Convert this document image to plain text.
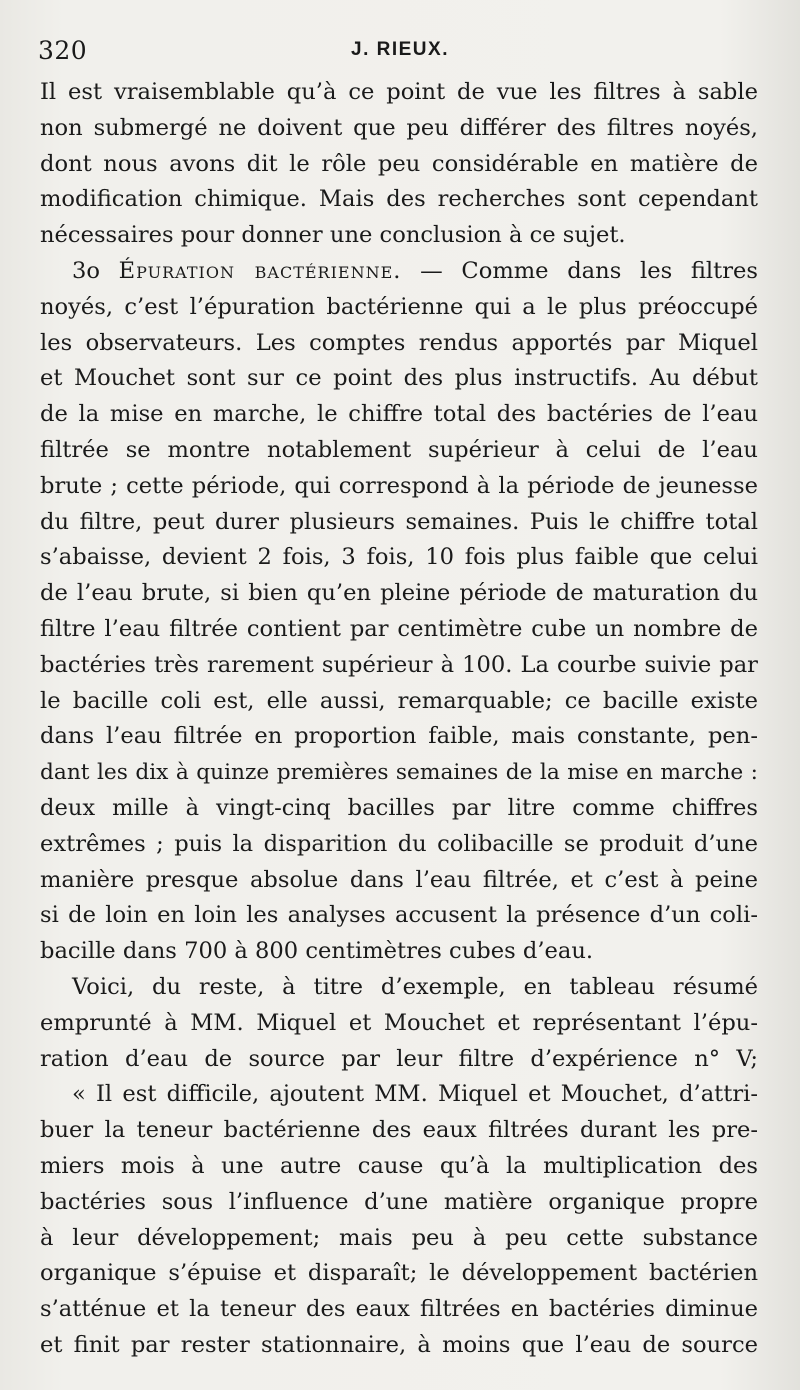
320	J. RIEUX.
Il est vraisemblable qu’à ce point de vue les filtres à sable
non submergé ne doivent que peu différer des filtres noyés,
dont nous avons dit le rôle peu considérable en matière de
modification chimique. Mais des recherches sont cependant
nécessaires pour donner une conclusion à ce sujet.
3o Épuration bactérienne. — Comme dans les filtres
noyés, c’est l’épuration bactérienne qui a le plus préoccupé
les observateurs. Les comptes rendus apportés par Miquel
et Mouchet sont sur ce point des plus instructifs. Au début
de la mise en marche, le chiffre total des bactéries de l’eau
filtrée se montre notablement supérieur à celui de l’eau
brute ; cette période, qui correspond à la période de jeunesse
du filtre, peut durer plusieurs semaines. Puis le chiffre total
s’abaisse, devient 2 fois, 3 fois, 10 fois plus faible que celui
de l’eau brute, si bien qu’en pleine période de maturation du
filtre l’eau filtrée contient par centimètre cube un nombre de
bactéries très rarement supérieur à 100. La courbe suivie par
le bacille coli est, elle aussi, remarquable; ce bacille existe
dans l’eau filtrée en proportion faible, mais constante, pen-
dant les dix à quinze premières semaines de la mise en marche :
deux mille à vingt-cinq bacilles par litre comme chiffres
extrêmes ; puis la disparition du colibacille se produit d’une
manière presque absolue dans l’eau filtrée, et c’est à peine
si de loin en loin les analyses accusent la présence d’un coli-
bacille dans 700 à 800 centimètres cubes d’eau.
Voici, du reste, à titre d’exemple, en tableau résumé
emprunté à MM. Miquel et Mouchet et représentant l’épu-
ration d’eau de source par leur filtre d’expérience n° V;
« Il est difficile, ajoutent MM. Miquel et Mouchet, d’attri-
buer la teneur bactérienne des eaux filtrées durant les pre-
miers mois à une autre cause qu’à la multiplication des
bactéries sous l’influence d’une matière organique propre
à leur développement; mais peu à peu cette substance
organique s’épuise et disparaît; le développement bactérien
s’atténue et la teneur des eaux filtrées en bactéries diminue
et finit par rester stationnaire, à moins que l’eau de source
